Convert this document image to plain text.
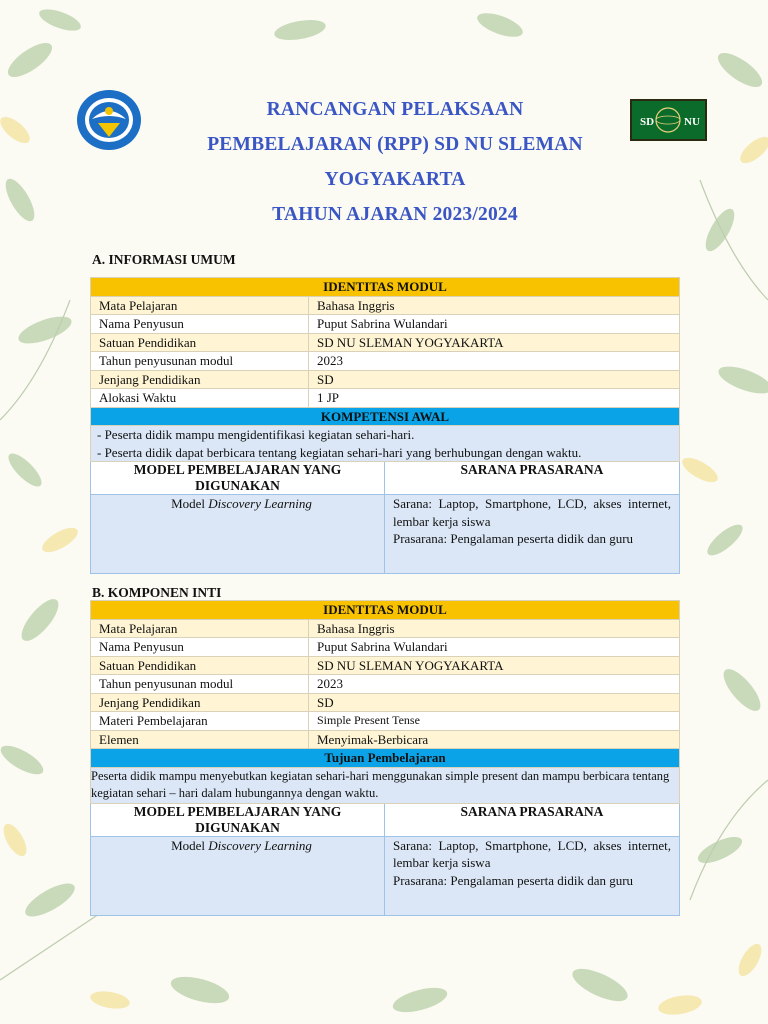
SD	NU
RANCANGAN PELAKSAAN
PEMBELAJARAN (RPP) SD NU SLEMAN
YOGYAKARTA
TAHUN AJARAN 2023/2024
A. INFORMASI UMUM
IDENTITAS MODUL		
Mata Pelajaran	Bahasa Inggris	
Nama Penyusun	Puput Sabrina Wulandari	
Satuan Pendidikan	SD NU SLEMAN YOGYAKARTA	
Tahun penyusunan modul	2023	
Jenjang Pendidikan	SD	
Alokasi Waktu	1 JP	
KOMPETENSI AWAL		

- Peserta didik mampu mengidentifikasi kegiatan sehari-hari.
- Peserta didik dapat berbicara tentang kegiatan sehari-hari yang berhubungan dengan waktu.		

MODEL PEMBELAJARAN YANG DIGUNAKAN		SARANA PRASARANA
Model Discovery Learning		Sarana: Laptop, Smartphone, LCD, akses internet, lembar kerja siswa
Prasarana: Pengalaman peserta didik dan guru
B. KOMPONEN INTI
IDENTITAS MODUL		
Mata Pelajaran	Bahasa Inggris	
Nama Penyusun	Puput Sabrina Wulandari	
Satuan Pendidikan	SD NU SLEMAN YOGYAKARTA	
Tahun penyusunan modul	2023	
Jenjang Pendidikan	SD	
Materi Pembelajaran	Simple Present Tense	
Elemen	Menyimak-Berbicara	
Tujuan Pembelajaran		
Peserta didik mampu menyebutkan kegiatan sehari-hari menggunakan simple present dan mampu berbicara tentang kegiatan sehari – hari dalam hubungannya dengan waktu.		
MODEL PEMBELAJARAN YANG DIGUNAKAN		SARANA PRASARANA
Model Discovery Learning		Sarana: Laptop, Smartphone, LCD, akses internet, lembar kerja siswa
Prasarana: Pengalaman peserta didik dan guru
